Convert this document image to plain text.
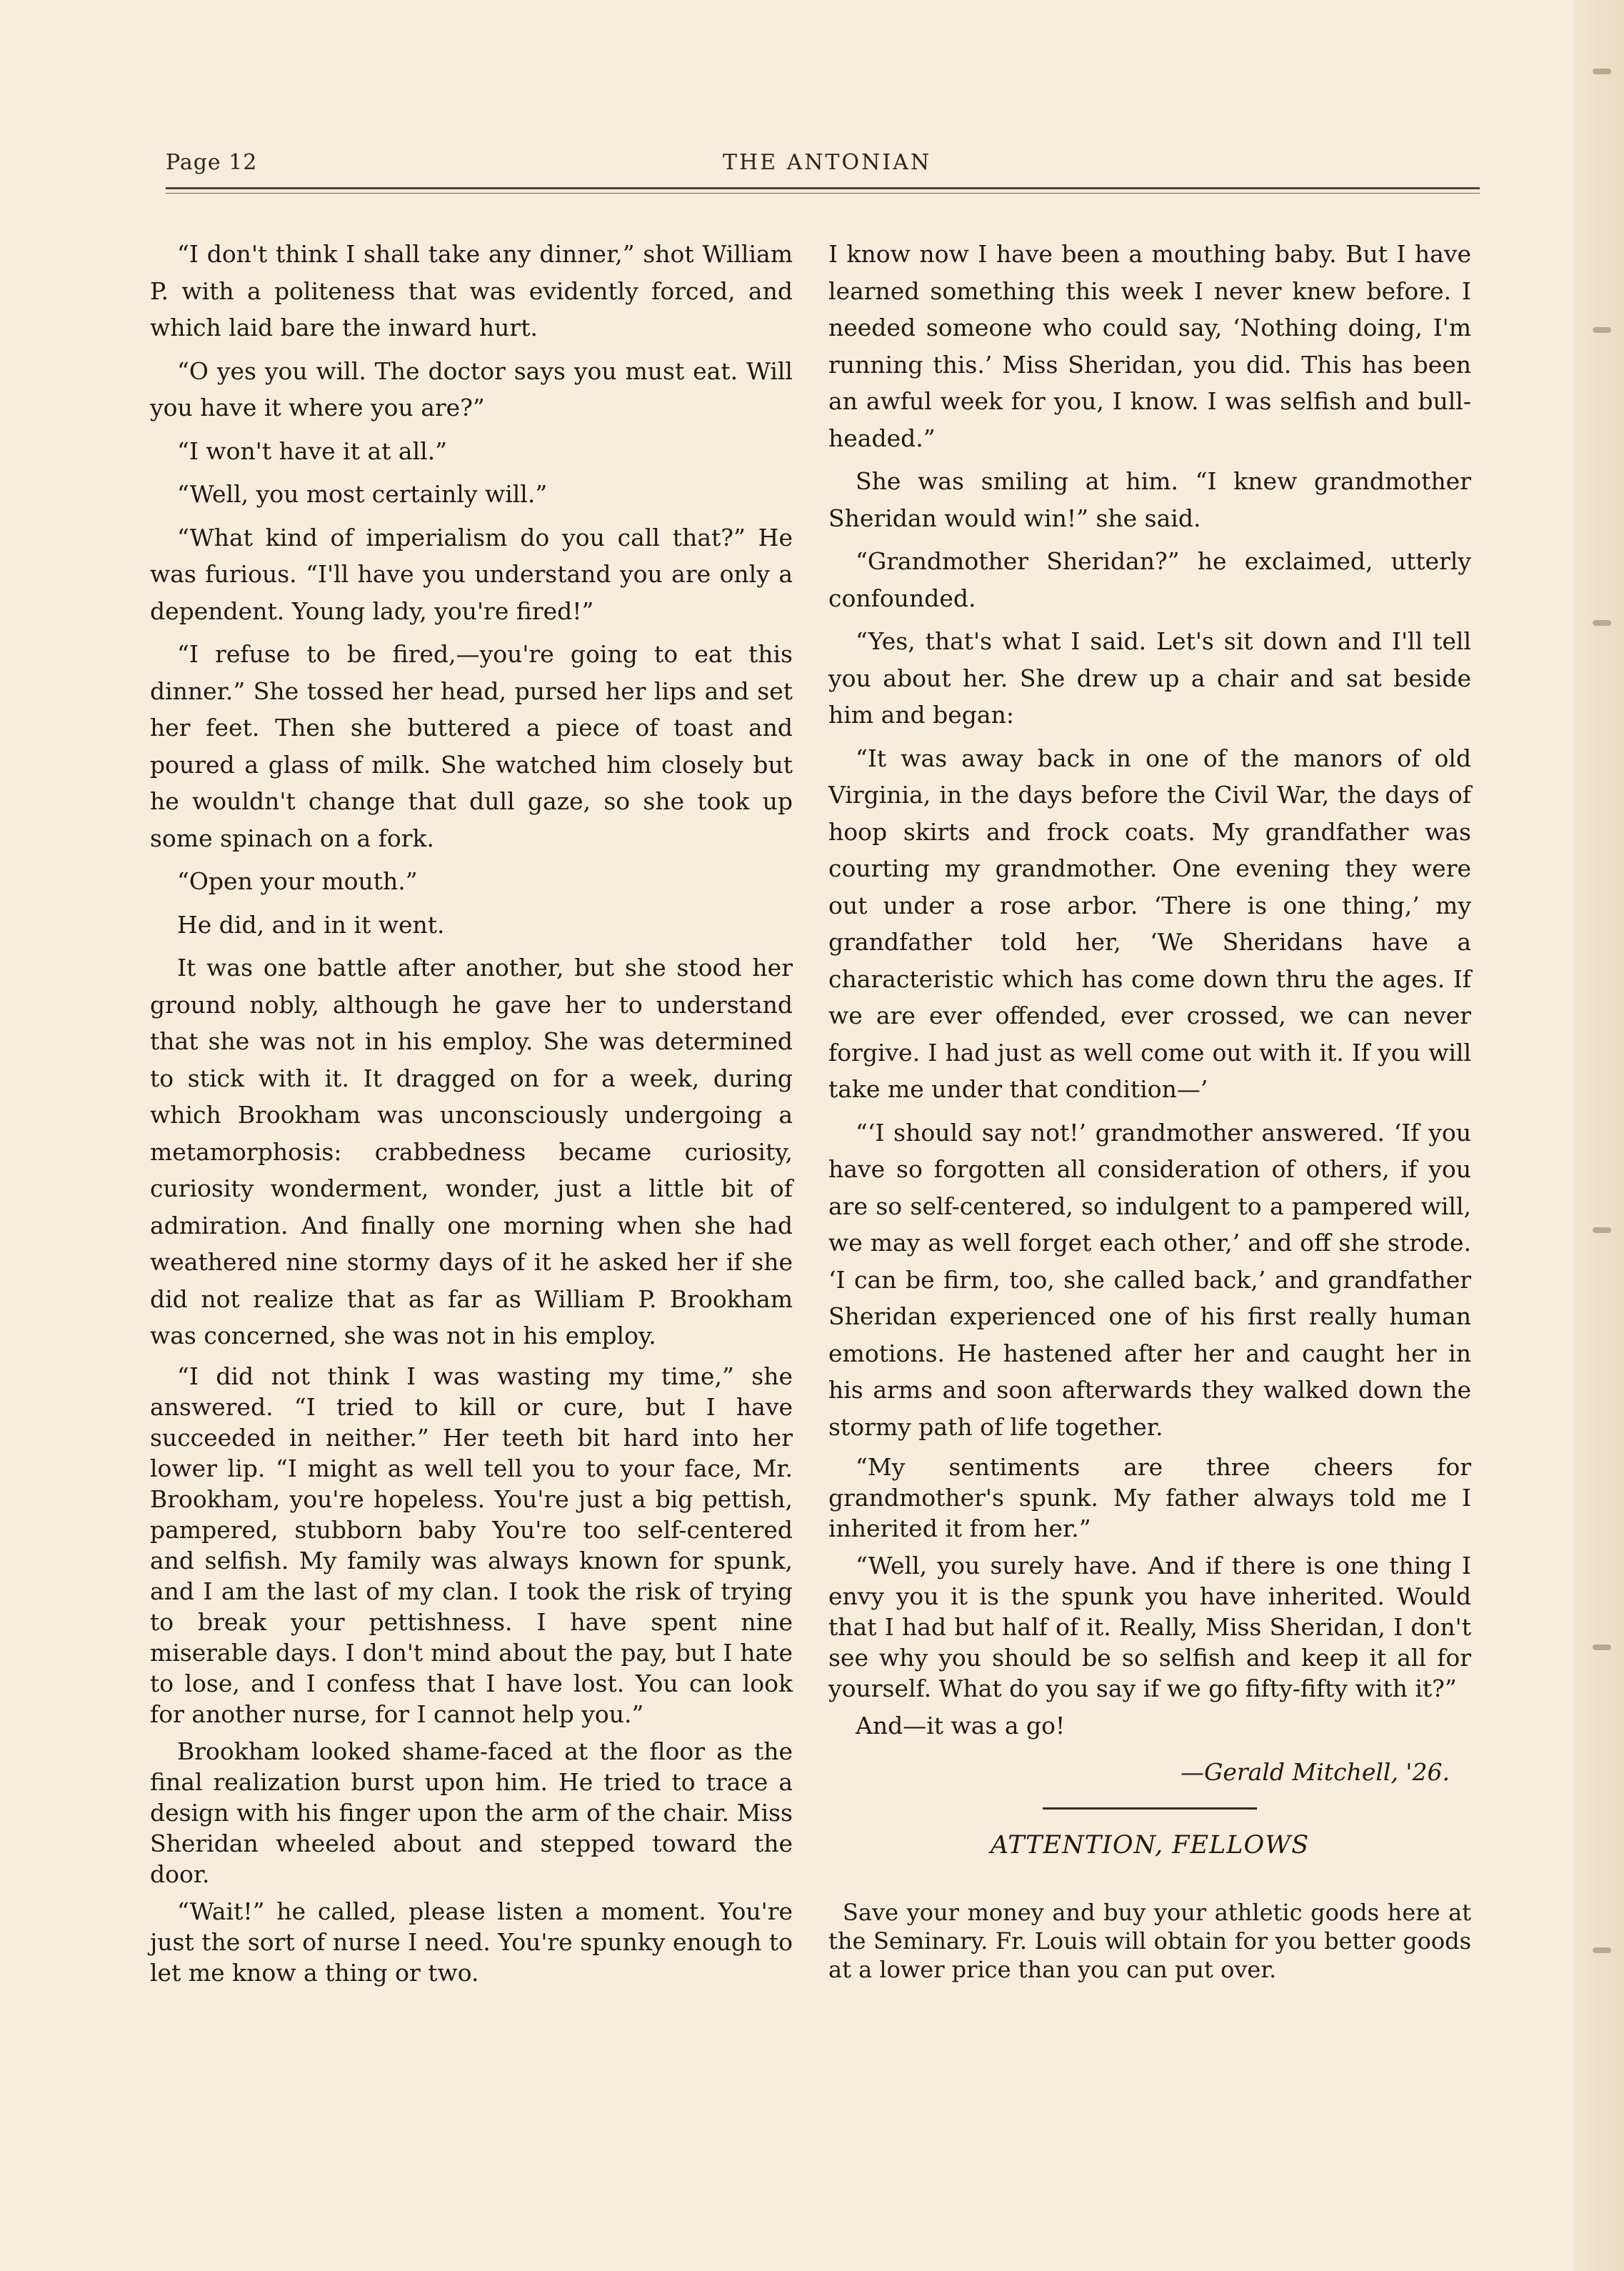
Page 12	THE ANTONIAN

“I don't think I shall take any dinner,” shot William P. with a politeness that was evidently forced, and which laid bare the inward hurt.

“O yes you will. The doctor says you must eat. Will you have it where you are?”

“I won't have it at all.”

“Well, you most certainly will.”

“What kind of imperialism do you call that?” He was furious. “I'll have you understand you are only a dependent. Young lady, you're fired!”

“I refuse to be fired,—you're going to eat this dinner.” She tossed her head, pursed her lips and set her feet. Then she buttered a piece of toast and poured a glass of milk. She watched him closely but he wouldn't change that dull gaze, so she took up some spinach on a fork.

“Open your mouth.”

He did, and in it went.

It was one battle after another, but she stood her ground nobly, although he gave her to understand that she was not in his employ. She was determined to stick with it. It dragged on for a week, during which Brookham was unconsciously undergoing a metamorphosis: crabbedness became curiosity, curiosity wonderment, wonder, just a little bit of admiration. And finally one morning when she had weathered nine stormy days of it he asked her if she did not realize that as far as William P. Brookham was concerned, she was not in his employ.

“I did not think I was wasting my time,” she answered. “I tried to kill or cure, but I have succeeded in neither.” Her teeth bit hard into her lower lip. “I might as well tell you to your face, Mr. Brookham, you're hopeless. You're just a big pettish, pampered, stubborn baby You're too self-centered and selfish. My family was always known for spunk, and I am the last of my clan. I took the risk of trying to break your pettishness. I have spent nine miserable days. I don't mind about the pay, but I hate to lose, and I confess that I have lost. You can look for another nurse, for I cannot help you.”

Brookham looked shame-faced at the floor as the final realization burst upon him. He tried to trace a design with his finger upon the arm of the chair. Miss Sheridan wheeled about and stepped toward the door.

“Wait!” he called, please listen a moment. You're just the sort of nurse I need. You're spunky enough to let me know a thing or two.

I know now I have been a mouthing baby. But I have learned something this week I never knew before. I needed someone who could say, ‘Nothing doing, I'm running this.’ Miss Sheridan, you did. This has been an awful week for you, I know. I was selfish and bull-headed.”

She was smiling at him. “I knew grandmother Sheridan would win!” she said.

“Grandmother Sheridan?” he exclaimed, utterly confounded.

“Yes, that's what I said. Let's sit down and I'll tell you about her. She drew up a chair and sat beside him and began:

“It was away back in one of the manors of old Virginia, in the days before the Civil War, the days of hoop skirts and frock coats. My grandfather was courting my grandmother. One evening they were out under a rose arbor. ‘There is one thing,’ my grandfather told her, ‘We Sheridans have a characteristic which has come down thru the ages. If we are ever offended, ever crossed, we can never forgive. I had just as well come out with it. If you will take me under that condition—’

“‘I should say not!’ grandmother answered. ‘If you have so forgotten all consideration of others, if you are so self-centered, so indulgent to a pampered will, we may as well forget each other,’ and off she strode. ‘I can be firm, too, she called back,’ and grandfather Sheridan experienced one of his first really human emotions. He hastened after her and caught her in his arms and soon afterwards they walked down the stormy path of life together.

“My sentiments are three cheers for grandmother's spunk. My father always told me I inherited it from her.”

“Well, you surely have. And if there is one thing I envy you it is the spunk you have inherited. Would that I had but half of it. Really, Miss Sheridan, I don't see why you should be so selfish and keep it all for yourself. What do you say if we go fifty-fifty with it?”

And—it was a go!

—Gerald Mitchell, '26.
ATTENTION, FELLOWS

Save your money and buy your athletic goods here at the Seminary. Fr. Louis will obtain for you better goods at a lower price than you can put over.
